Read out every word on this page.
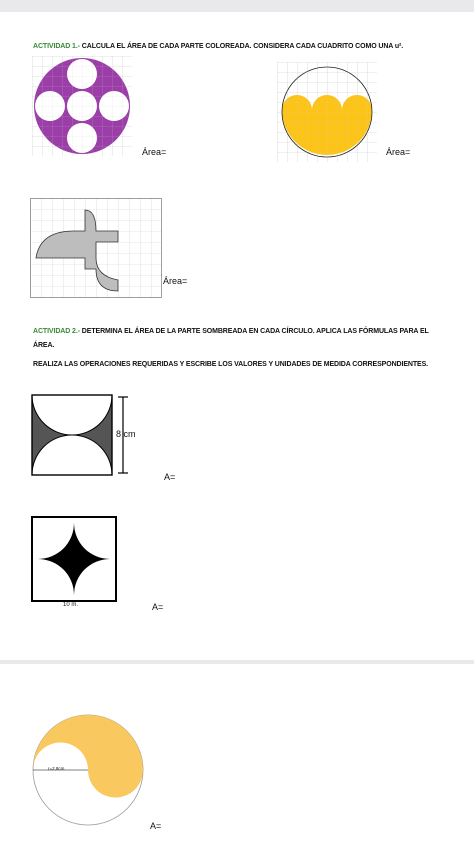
ACTIVIDAD 1.- CALCULA EL ÁREA DE CADA PARTE COLOREADA. CONSIDERA CADA CUADRITO COMO UNA u².

Área=	Área=

Área=

ACTIVIDAD 2.- DETERMINA EL ÁREA DE LA PARTE SOMBREADA EN CADA CÍRCULO. APLICA LAS FÓRMULAS PARA EL

ÁREA.

REALIZA LAS OPERACIONES REQUERIDAS Y ESCRIBE LOS VALORES Y UNIDADES DE MEDIDA CORRESPONDIENTES.

8 cm

A=

10 m.	A=

r=2,8cm

A=
